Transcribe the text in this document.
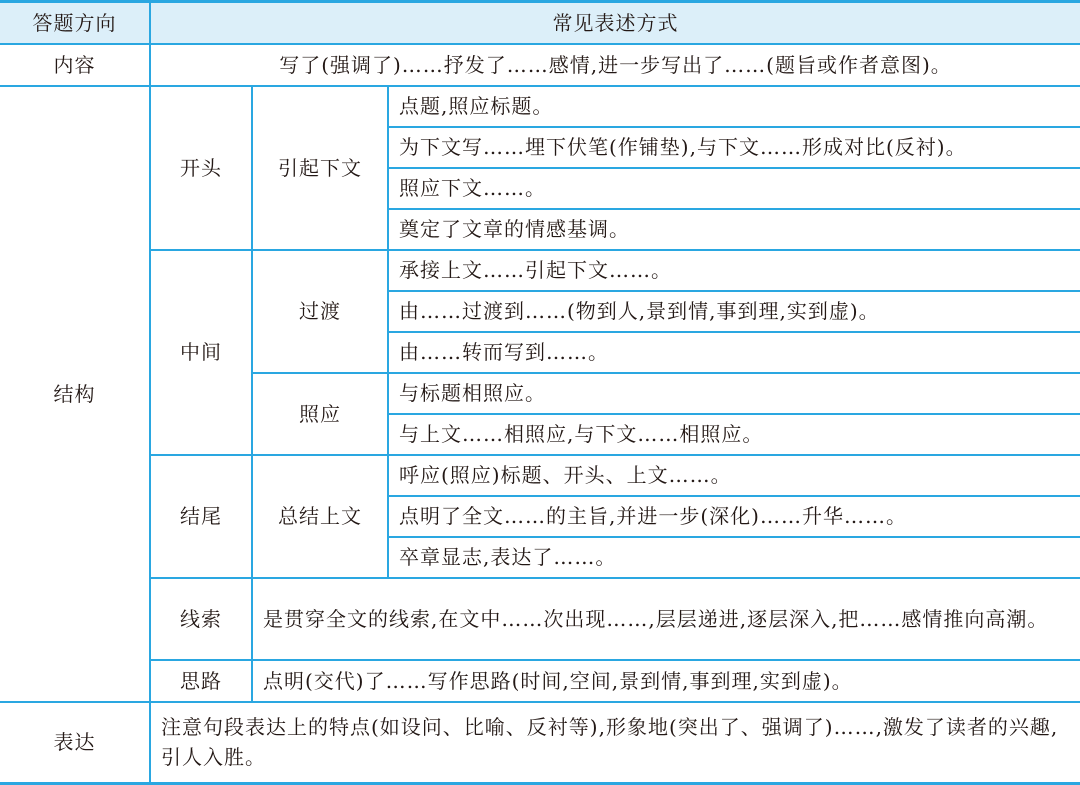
答题方向	常见表述方式		
内容	写了(强调了)……抒发了……感情,进一步写出了……(题旨或作者意图)。		
结构	开头	引起下文	点题,照应标题。
			为下文写……埋下伏笔(作铺垫),与下文……形成对比(反衬)。
			照应下文……。
			奠定了文章的情感基调。
	中间	过渡	承接上文……引起下文……。
			由……过渡到……(物到人,景到情,事到理,实到虚)。
			由……转而写到……。
		照应	与标题相照应。
			与上文……相照应,与下文……相照应。
	结尾	总结上文	呼应(照应)标题、开头、上文……。
			点明了全文……的主旨,并进一步(深化)……升华……。
			卒章显志,表达了……。
	线索	是贯穿全文的线索,在文中……次出现……,层层递进,逐层深入,把……感情推向高潮。	
	思路	点明(交代)了……写作思路(时间,空间,景到情,事到理,实到虚)。	
表达	注意句段表达上的特点(如设问、比喻、反衬等),形象地(突出了、强调了)……,激发了读者的兴趣,引人入胜。		
